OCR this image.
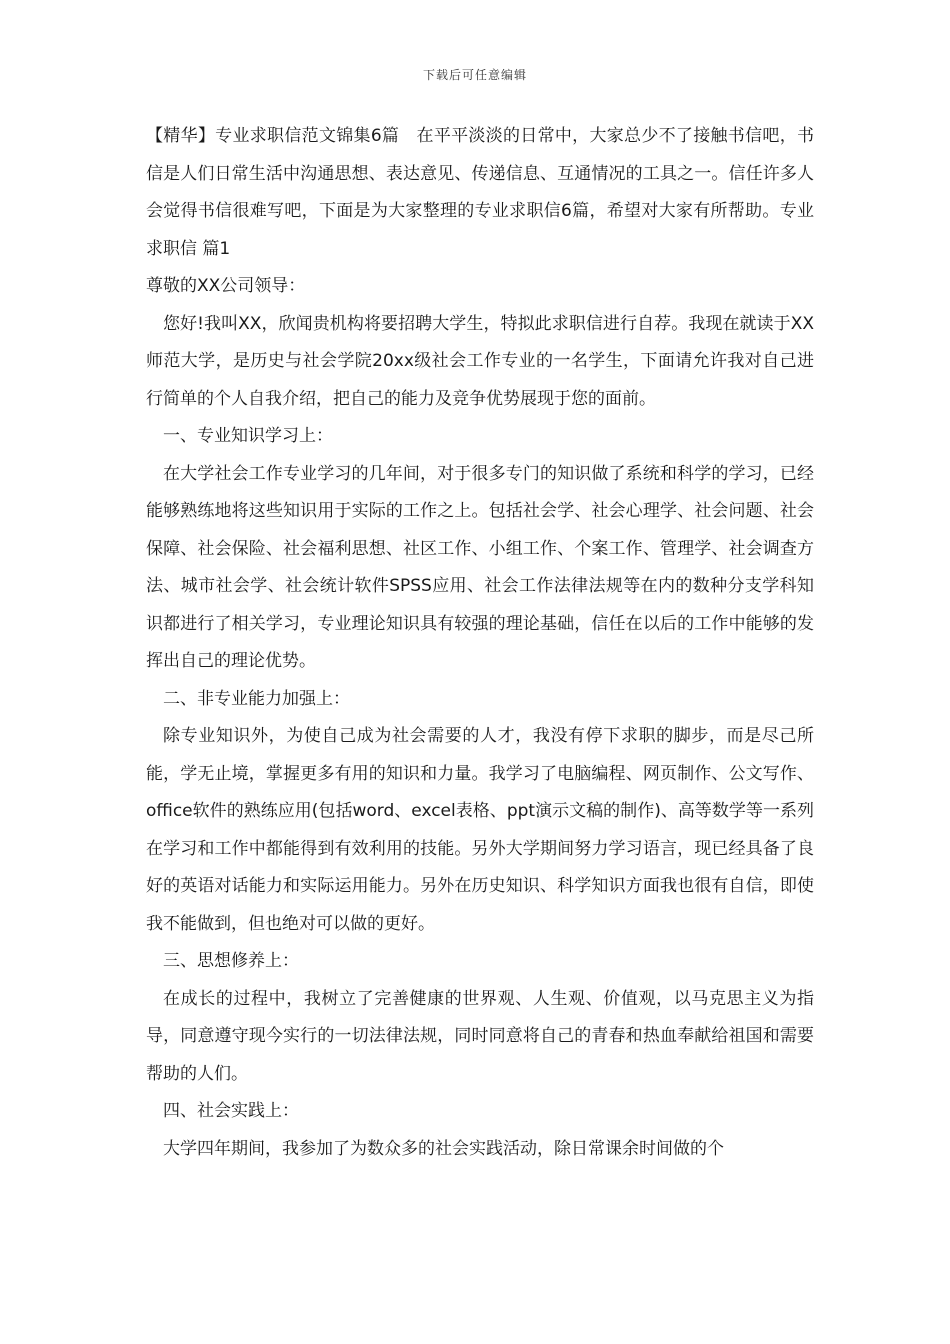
下载后可任意编辑

【精华】专业求职信范文锦集6篇　在平平淡淡的日常中，大家总少不了接触书信吧，书信是人们日常生活中沟通思想、表达意见、传递信息、互通情况的工具之一。信任许多人会觉得书信很难写吧，下面是为大家整理的专业求职信6篇，希望对大家有所帮助。专业求职信 篇1

尊敬的XX公司领导：

您好!我叫XX，欣闻贵机构将要招聘大学生，特拟此求职信进行自荐。我现在就读于XX师范大学，是历史与社会学院20xx级社会工作专业的一名学生，下面请允许我对自己进行简单的个人自我介绍，把自己的能力及竞争优势展现于您的面前。

一、专业知识学习上：

在大学社会工作专业学习的几年间，对于很多专门的知识做了系统和科学的学习，已经能够熟练地将这些知识用于实际的工作之上。包括社会学、社会心理学、社会问题、社会保障、社会保险、社会福利思想、社区工作、小组工作、个案工作、管理学、社会调查方法、城市社会学、社会统计软件SPSS应用、社会工作法律法规等在内的数种分支学科知识都进行了相关学习，专业理论知识具有较强的理论基础，信任在以后的工作中能够的发挥出自己的理论优势。

二、非专业能力加强上：

除专业知识外，为使自己成为社会需要的人才，我没有停下求职的脚步，而是尽己所能，学无止境，掌握更多有用的知识和力量。我学习了电脑编程、网页制作、公文写作、office软件的熟练应用(包括word、excel表格、ppt演示文稿的制作)、高等数学等一系列在学习和工作中都能得到有效利用的技能。另外大学期间努力学习语言，现已经具备了良好的英语对话能力和实际运用能力。另外在历史知识、科学知识方面我也很有自信，即使我不能做到，但也绝对可以做的更好。

三、思想修养上：

在成长的过程中，我树立了完善健康的世界观、人生观、价值观，以马克思主义为指导，同意遵守现今实行的一切法律法规，同时同意将自己的青春和热血奉献给祖国和需要帮助的人们。

四、社会实践上：

大学四年期间，我参加了为数众多的社会实践活动，除日常课余时间做的个
